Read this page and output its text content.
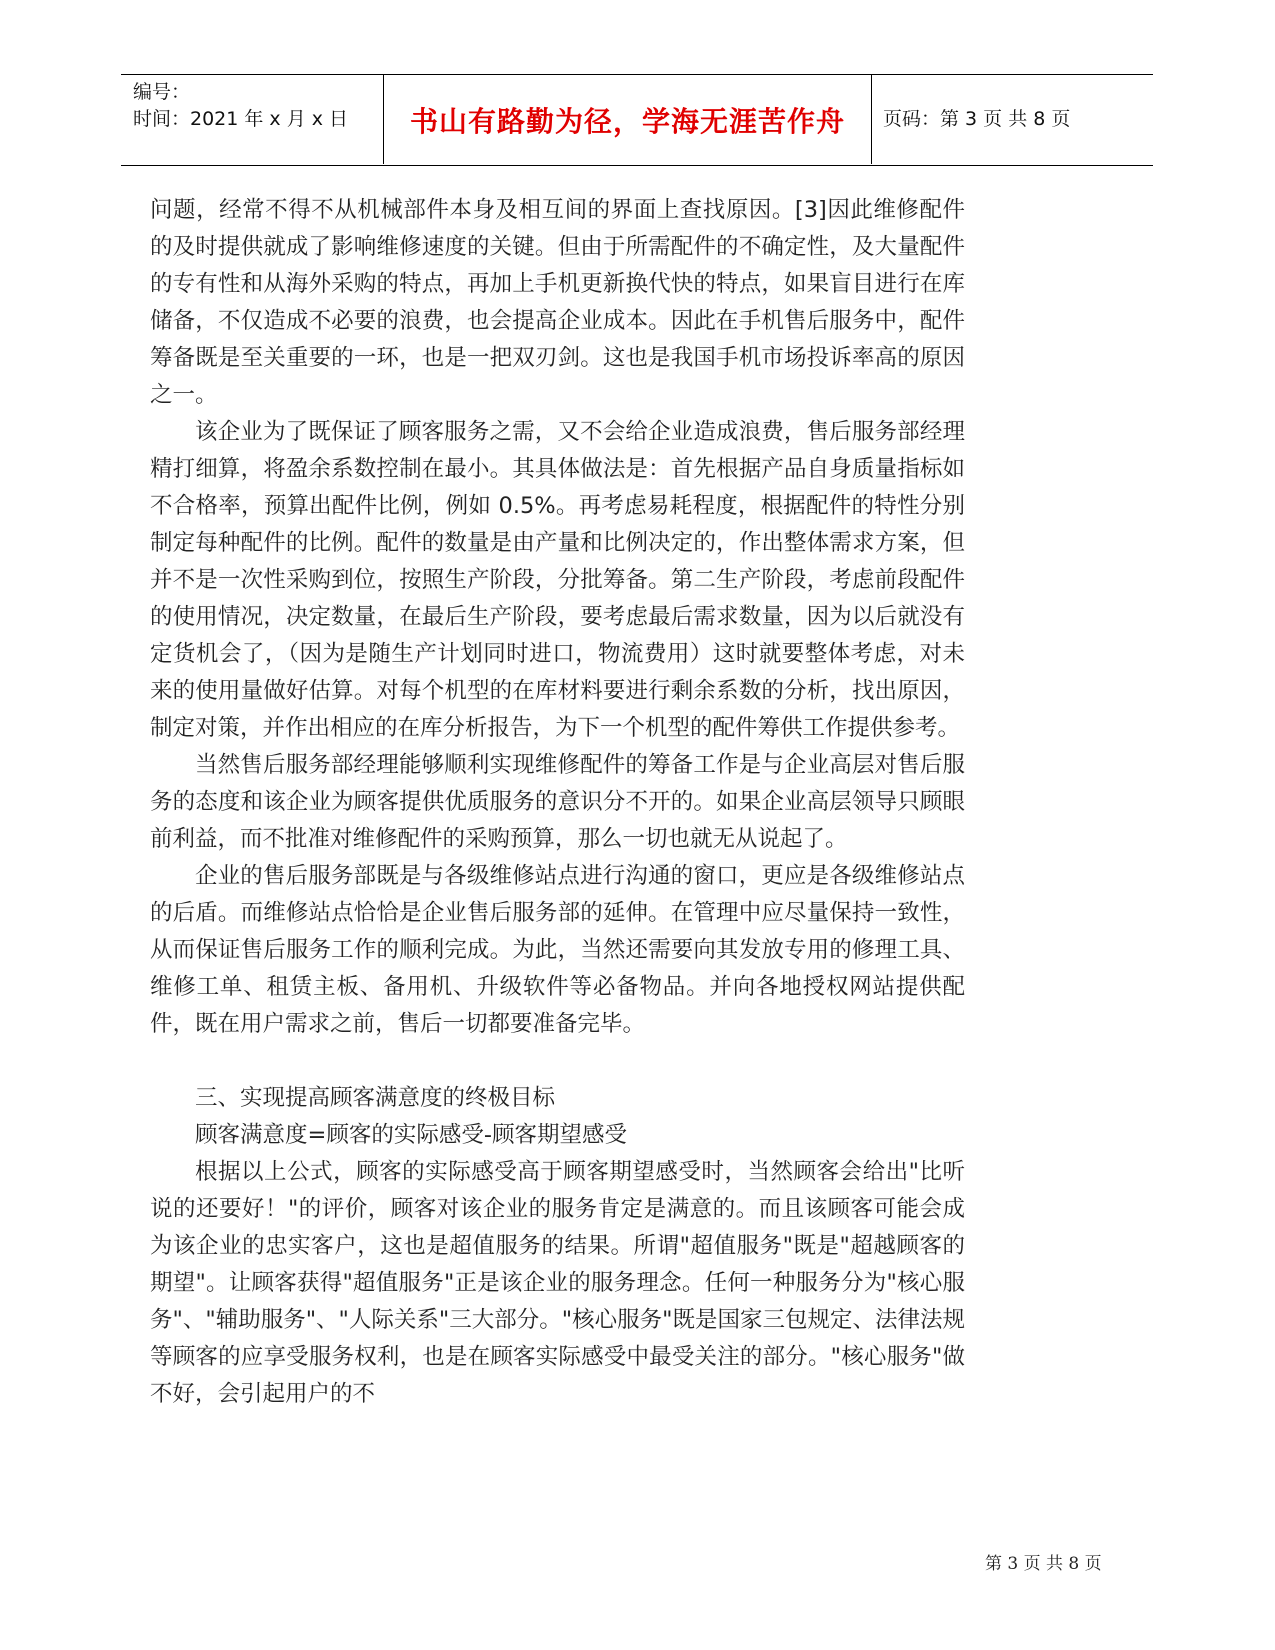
编号：
时间：2021 年 x 月 x 日	书山有路勤为径，学海无涯苦作舟	页码：第 3 页 共 8 页

问题，经常不得不从机械部件本身及相互间的界面上查找原因。[3]因此维修配件的及时提供就成了影响维修速度的关键。但由于所需配件的不确定性，及大量配件的专有性和从海外采购的特点，再加上手机更新换代快的特点，如果盲目进行在库储备，不仅造成不必要的浪费，也会提高企业成本。因此在手机售后服务中，配件筹备既是至关重要的一环，也是一把双刃剑。这也是我国手机市场投诉率高的原因之一。

该企业为了既保证了顾客服务之需，又不会给企业造成浪费，售后服务部经理精打细算，将盈余系数控制在最小。其具体做法是：首先根据产品自身质量指标如不合格率，预算出配件比例，例如 0.5%。再考虑易耗程度，根据配件的特性分别制定每种配件的比例。配件的数量是由产量和比例决定的，作出整体需求方案，但并不是一次性采购到位，按照生产阶段，分批筹备。第二生产阶段，考虑前段配件的使用情况，决定数量，在最后生产阶段，要考虑最后需求数量，因为以后就没有定货机会了，（因为是随生产计划同时进口，物流费用）这时就要整体考虑，对未来的使用量做好估算。对每个机型的在库材料要进行剩余系数的分析，找出原因，制定对策，并作出相应的在库分析报告，为下一个机型的配件筹供工作提供参考。

当然售后服务部经理能够顺利实现维修配件的筹备工作是与企业高层对售后服务的态度和该企业为顾客提供优质服务的意识分不开的。如果企业高层领导只顾眼前利益，而不批准对维修配件的采购预算，那么一切也就无从说起了。

企业的售后服务部既是与各级维修站点进行沟通的窗口，更应是各级维修站点的后盾。而维修站点恰恰是企业售后服务部的延伸。在管理中应尽量保持一致性，从而保证售后服务工作的顺利完成。为此，当然还需要向其发放专用的修理工具、维修工单、租赁主板、备用机、升级软件等必备物品。并向各地授权网站提供配件，既在用户需求之前，售后一切都要准备完毕。

三、实现提高顾客满意度的终极目标

顾客满意度=顾客的实际感受-顾客期望感受

根据以上公式，顾客的实际感受高于顾客期望感受时，当然顾客会给出"比听说的还要好！"的评价，顾客对该企业的服务肯定是满意的。而且该顾客可能会成为该企业的忠实客户，这也是超值服务的结果。所谓"超值服务"既是"超越顾客的期望"。让顾客获得"超值服务"正是该企业的服务理念。任何一种服务分为"核心服务"、"辅助服务"、"人际关系"三大部分。"核心服务"既是国家三包规定、法律法规等顾客的应享受服务权利，也是在顾客实际感受中最受关注的部分。"核心服务"做不好，会引起用户的不

第 3 页 共 8 页
